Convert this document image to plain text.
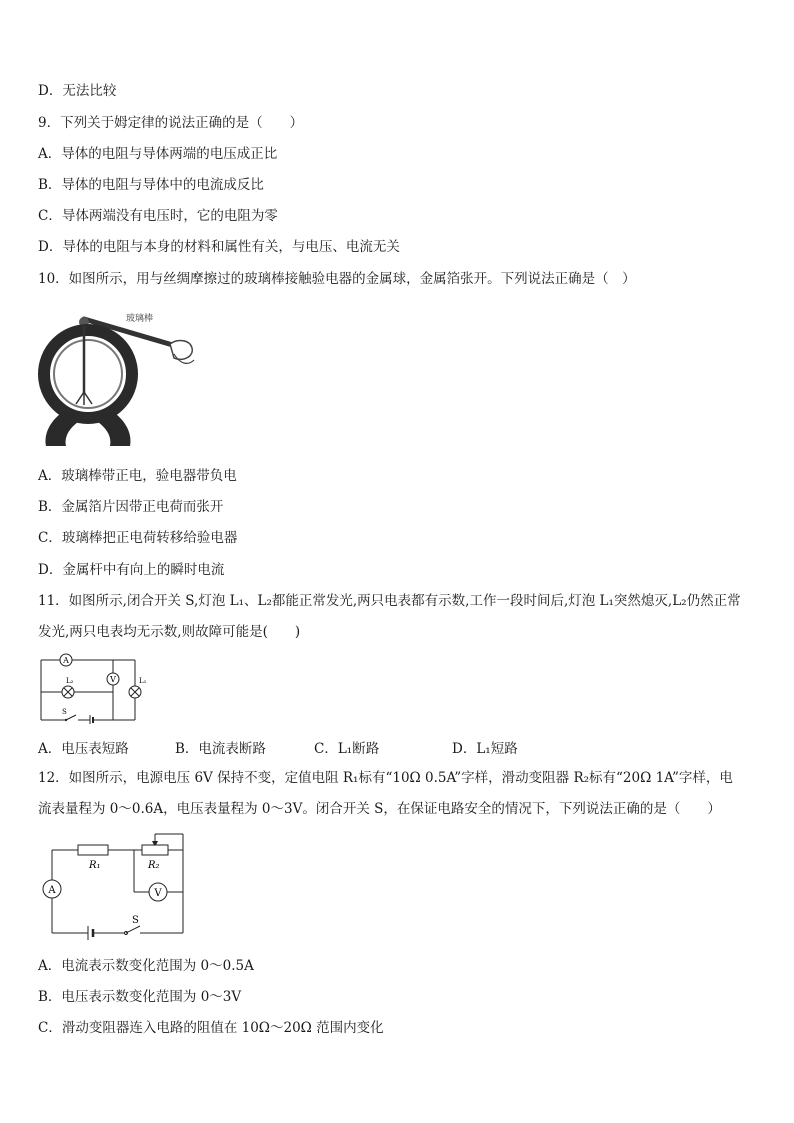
D．无法比较
9．下列关于姆定律的说法正确的是（　　）
A．导体的电阻与导体两端的电压成正比
B．导体的电阻与导体中的电流成反比
C．导体两端没有电压时，它的电阻为零
D．导体的电阻与本身的材料和属性有关，与电压、电流无关
10．如图所示，用与丝绸摩擦过的玻璃棒接触验电器的金属球，金属箔张开。下列说法正确是（　）
玻璃棒
A．玻璃棒带正电，验电器带负电
B．金属箔片因带正电荷而张开
C．玻璃棒把正电荷转移给验电器
D．金属杆中有向上的瞬时电流
11．如图所示,闭合开关 S,灯泡 L₁、L₂都能正常发光,两只电表都有示数,工作一段时间后,灯泡 L₁突然熄灭,L₂仍然正常
发光,两只电表均无示数,则故障可能是(　　)
A
V
L₂	L₁
S
A．电压表短路	B．电流表断路	C．L₁断路	D．L₁短路
12．如图所示，电源电压 6V 保持不变，定值电阻 R₁标有“10Ω 0.5A”字样，滑动变阻器 R₂标有“20Ω 1A”字样，电
流表量程为 0～0.6A，电压表量程为 0～3V。闭合开关 S，在保证电路安全的情况下，下列说法正确的是（　　）
R₁	R₂
A	V
S
A．电流表示数变化范围为 0～0.5A
B．电压表示数变化范围为 0～3V
C．滑动变阻器连入电路的阻值在 10Ω～20Ω 范围内变化
